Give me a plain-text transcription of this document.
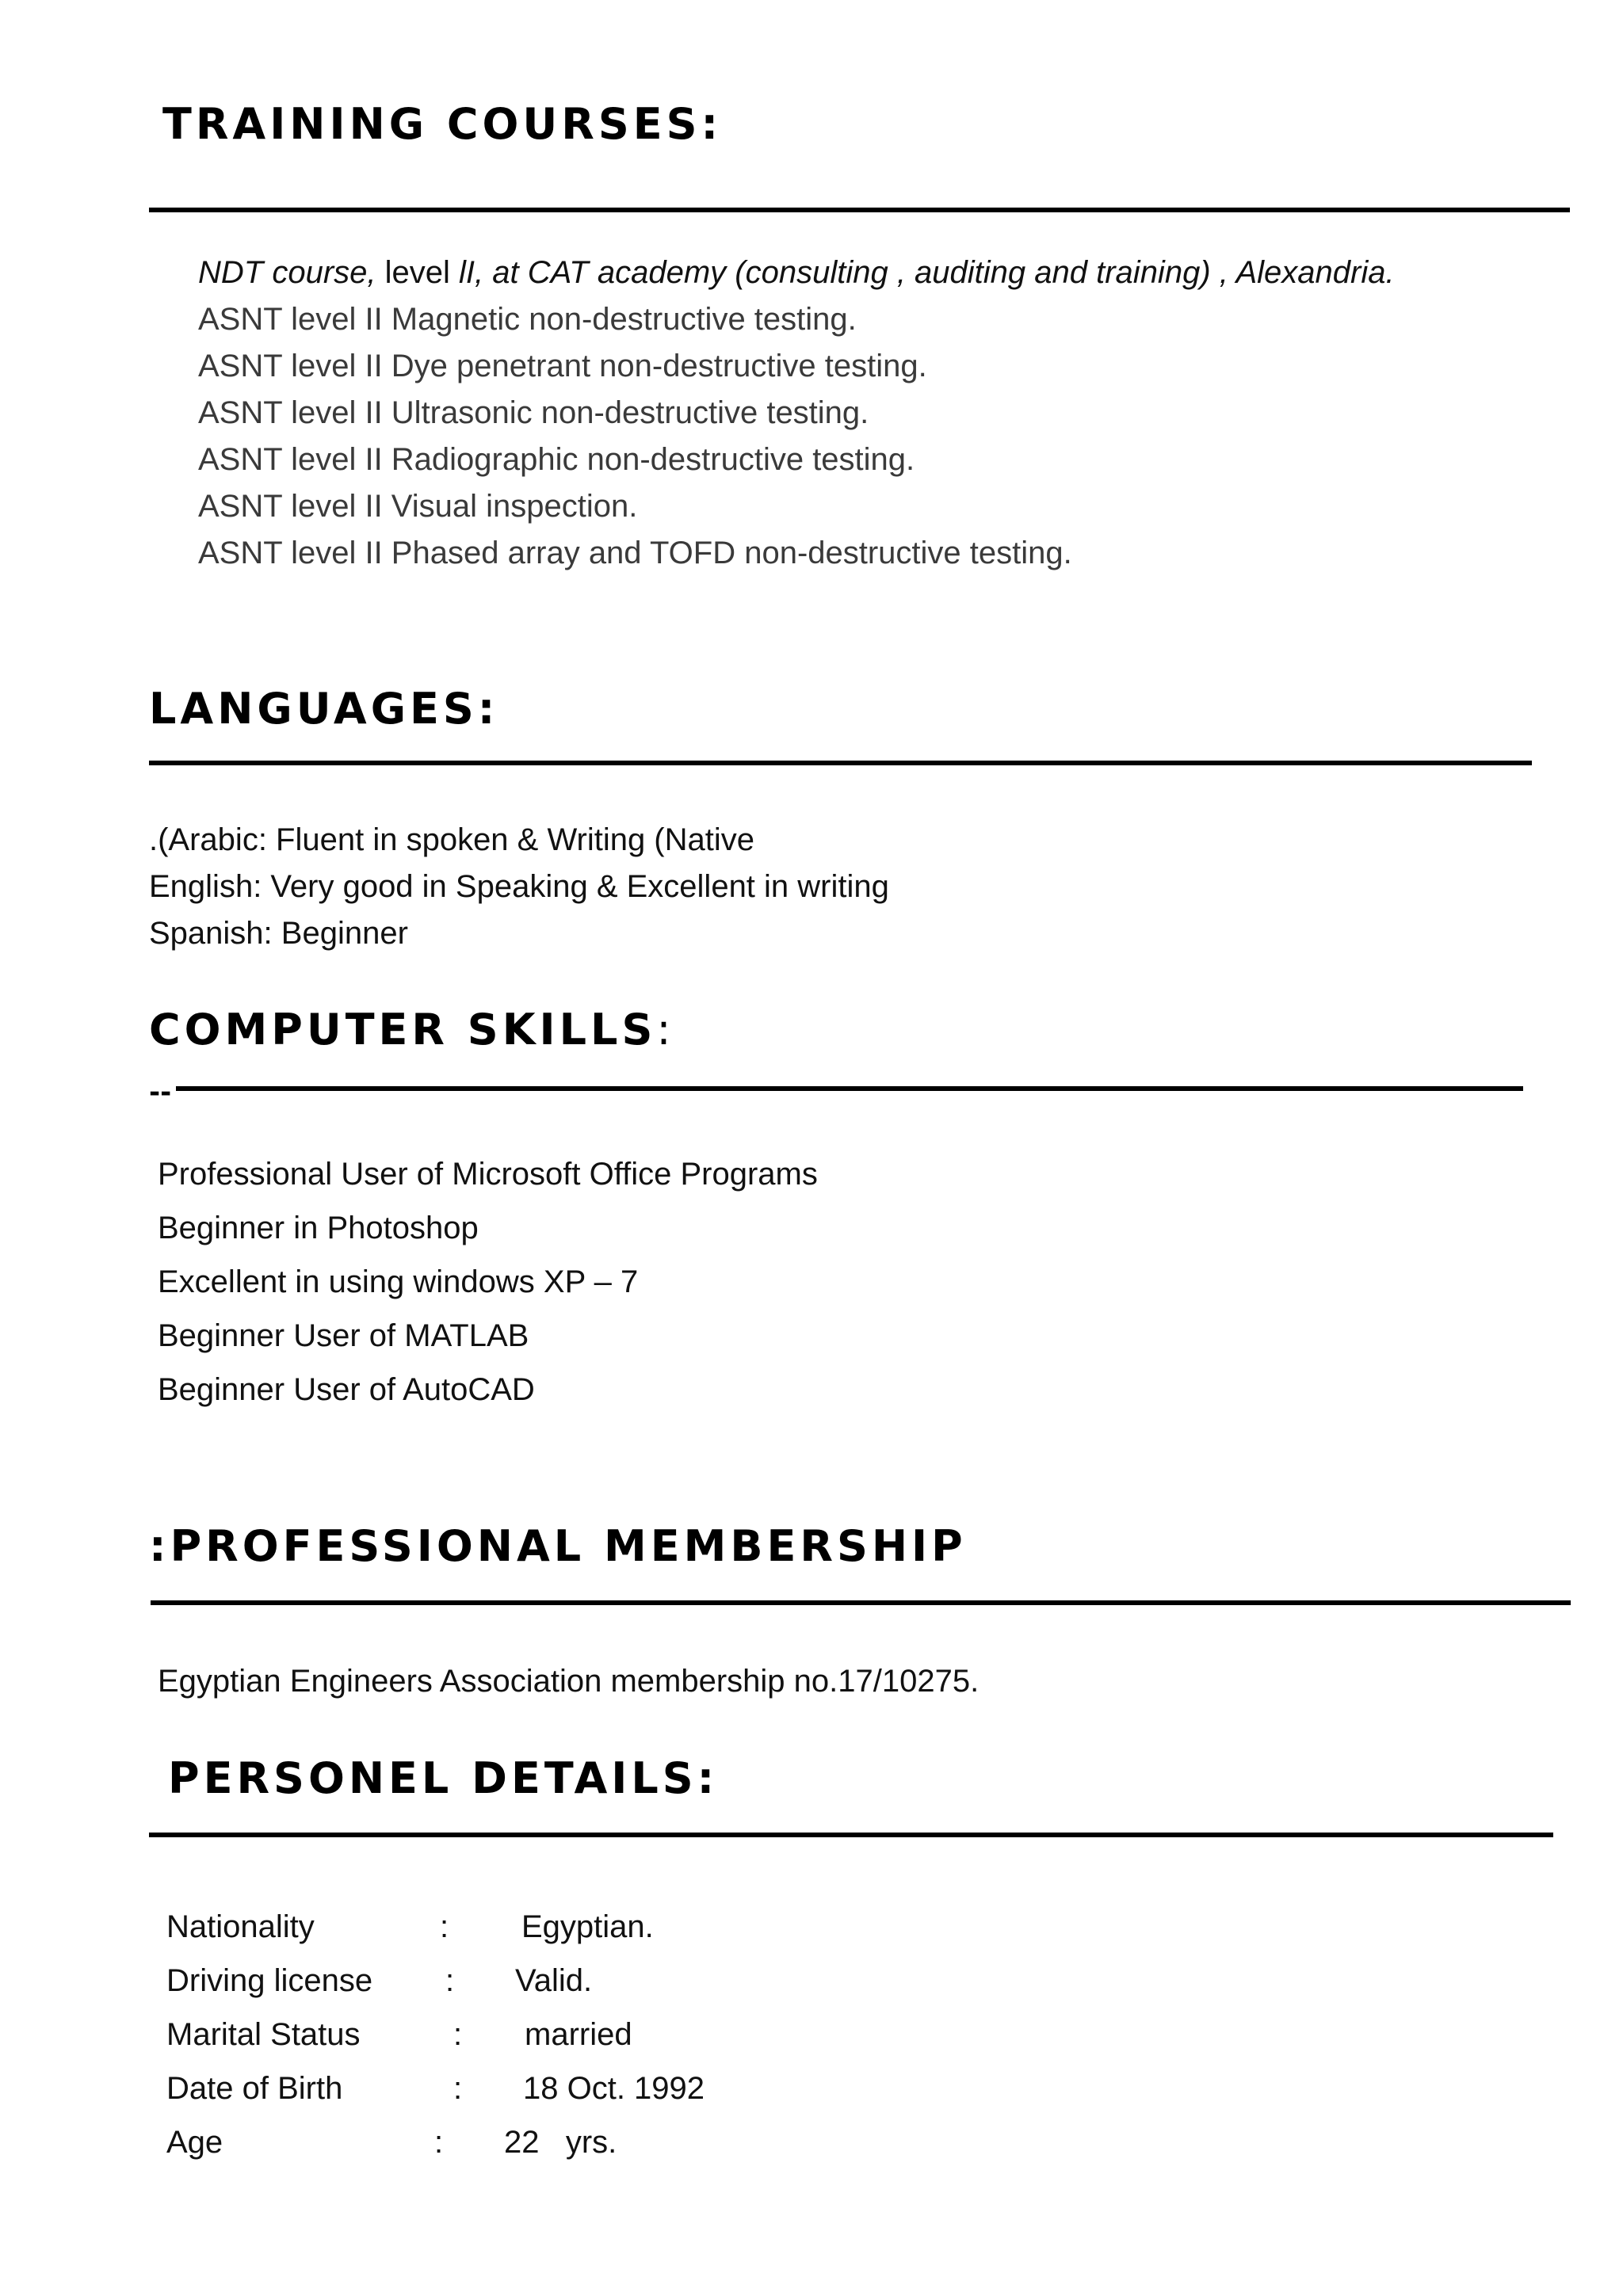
TRAINING COURSES:
NDT course, level lI, at CAT academy (consulting , auditing and training) , Alexandria.
ASNT level II Magnetic non-destructive testing.
ASNT level II Dye penetrant non-destructive testing.
ASNT level II Ultrasonic non-destructive testing.
ASNT level II Radiographic non-destructive testing.
ASNT level II Visual inspection.
ASNT level II Phased array and TOFD non-destructive testing.
LANGUAGES:
.(Arabic: Fluent in spoken & Writing (Native
English: Very good in Speaking & Excellent in writing
Spanish: Beginner
COMPUTER SKILLS:
--
Professional User of Microsoft Office Programs
Beginner in Photoshop
Excellent in using windows XP – 7
Beginner User of MATLAB
Beginner User of AutoCAD
:PROFESSIONAL MEMBERSHIP
Egyptian Engineers Association membership no.17/10275.
PERSONEL DETAILS:
Nationality	: Egyptian.
Driving license : Valid.
Marital Status	: married
Date of Birth	: 18 Oct. 1992
Age	: 22   yrs.
